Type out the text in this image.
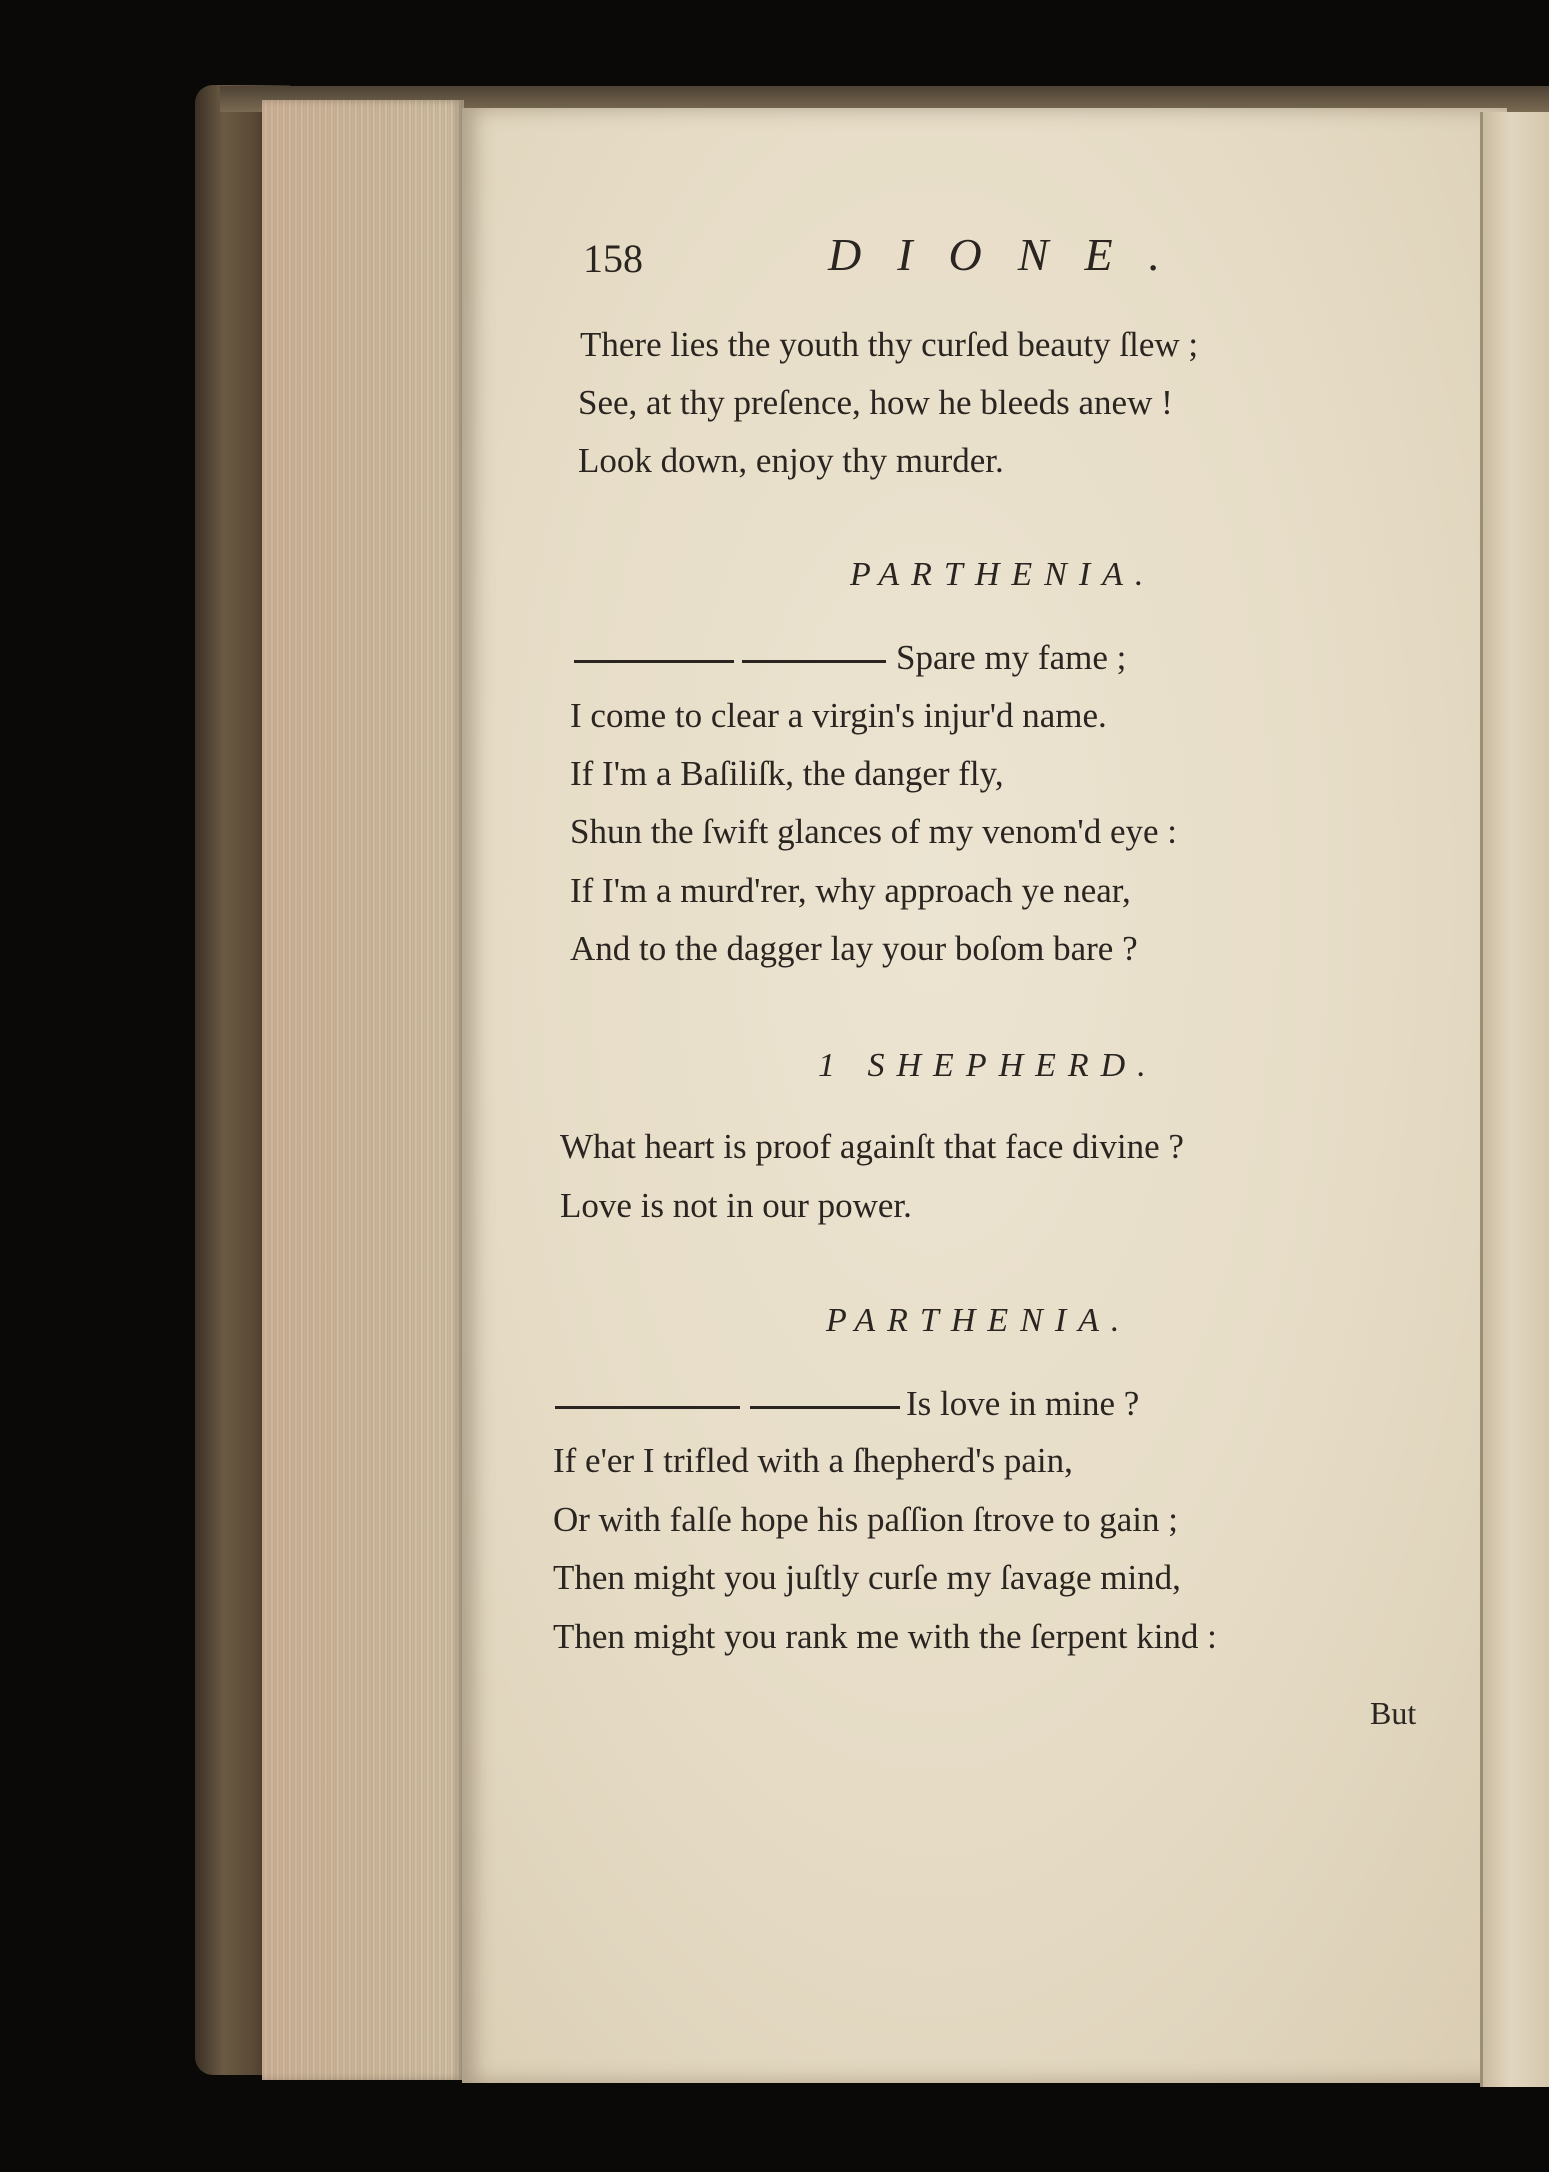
158	DIONE.
There lies the youth thy curſed beauty ſlew ;
See, at thy preſence, how he bleeds anew !
Look down, enjoy thy murder.
PARTHENIA.
Spare my fame ;
I come to clear a virgin's injur'd name.
If I'm a Baſiliſk, the danger fly,
Shun the ſwift glances of my venom'd eye :
If I'm a murd'rer, why approach ye near,
And to the dagger lay your boſom bare ?
1 SHEPHERD.
What heart is proof againſt that face divine ?
Love is not in our power.
PARTHENIA.
Is love in mine ?
If e'er I trifled with a ſhepherd's pain,
Or with falſe hope his paſſion ſtrove to gain ;
Then might you juſtly curſe my ſavage mind,
Then might you rank me with the ſerpent kind :
But
